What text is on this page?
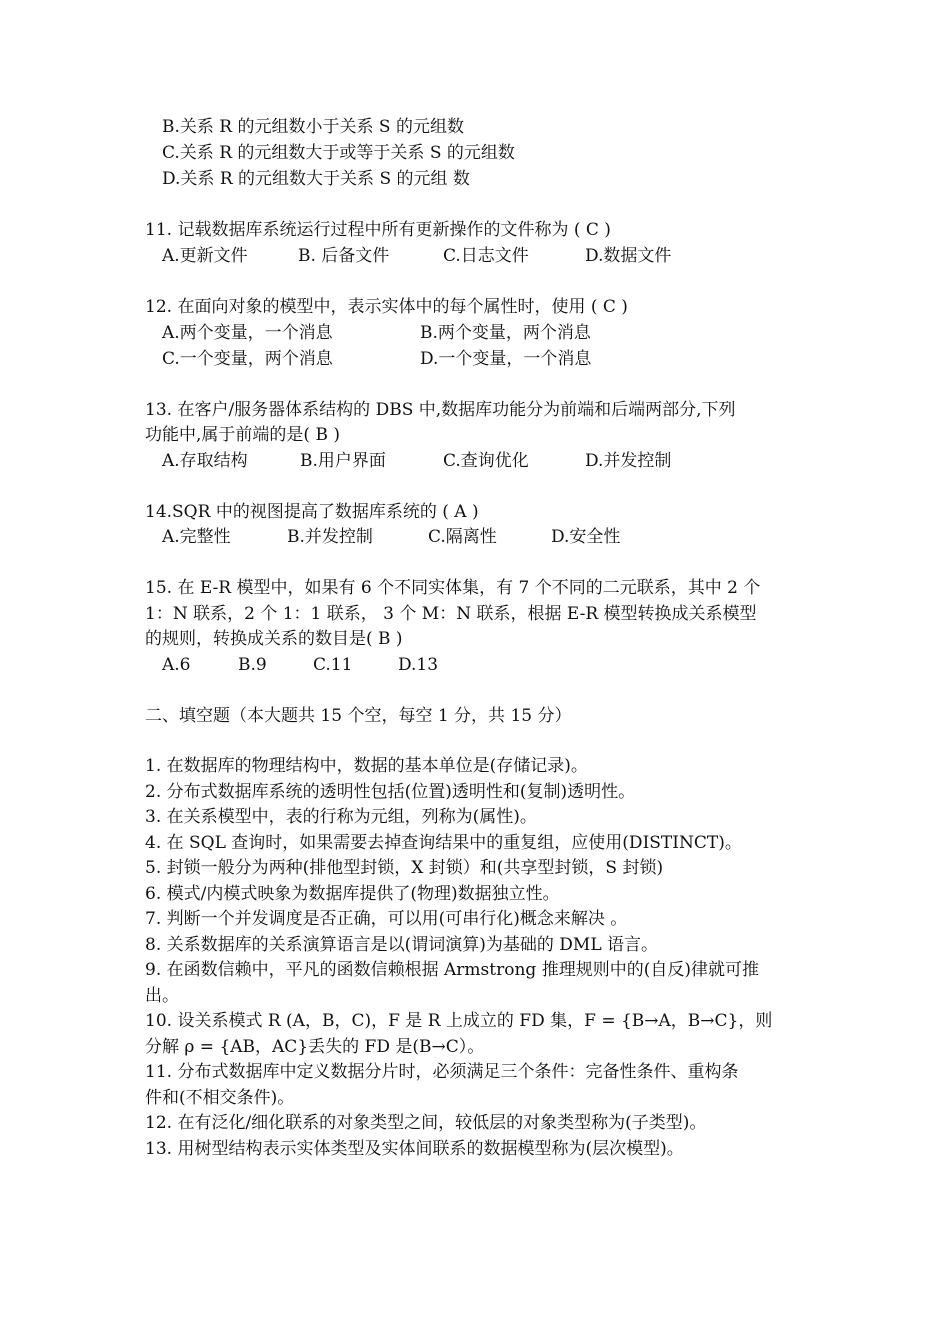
B.关系 R 的元组数小于关系 S 的元组数
C.关系 R 的元组数大于或等于关系 S 的元组数
D.关系 R 的元组数大于关系 S 的元组 数
11. 记载数据库系统运行过程中所有更新操作的文件称为 ( C )
A.更新文件	B. 后备文件	C.日志文件	D.数据文件
12. 在面向对象的模型中，表示实体中的每个属性时，使用 ( C )
A.两个变量，一个消息	B.两个变量，两个消息
C.一个变量，两个消息	D.一个变量，一个消息
13. 在客户/服务器体系结构的 DBS 中,数据库功能分为前端和后端两部分,下列
功能中,属于前端的是( B )
A.存取结构	B.用户界面	C.查询优化	D.并发控制
14.SQR 中的视图提高了数据库系统的 ( A )
A.完整性	B.并发控制	C.隔离性	D.安全性
15. 在 E-R 模型中，如果有 6 个不同实体集，有 7 个不同的二元联系，其中 2 个
1：N 联系，2 个 1：1 联系， 3 个 M：N 联系，根据 E-R 模型转换成关系模型
的规则，转换成关系的数目是( B )
A.6	B.9	C.11	D.13
二、填空题（本大题共 15 个空，每空 1 分，共 15 分）
1. 在数据库的物理结构中，数据的基本单位是(存储记录)。
2. 分布式数据库系统的透明性包括(位置)透明性和(复制)透明性。
3. 在关系模型中，表的行称为元组，列称为(属性)。
4. 在 SQL 查询时，如果需要去掉查询结果中的重复组，应使用(DISTINCT)。
5. 封锁一般分为两种(排他型封锁，X 封锁）和(共享型封锁，S 封锁)
6. 模式/内模式映象为数据库提供了(物理)数据独立性。
7. 判断一个并发调度是否正确，可以用(可串行化)概念来解决 。
8. 关系数据库的关系演算语言是以(谓词演算)为基础的 DML 语言。
9. 在函数信赖中，平凡的函数信赖根据 Armstrong 推理规则中的(自反)律就可推
出。
10. 设关系模式 R (A，B，C)，F 是 R 上成立的 FD 集，F = {B→A，B→C}，则
分解 ρ = {AB，AC}丢失的 FD 是(B→C）。
11. 分布式数据库中定义数据分片时，必须满足三个条件：完备性条件、重构条
件和(不相交条件)。
12. 在有泛化/细化联系的对象类型之间，较低层的对象类型称为(子类型)。
13. 用树型结构表示实体类型及实体间联系的数据模型称为(层次模型)。
